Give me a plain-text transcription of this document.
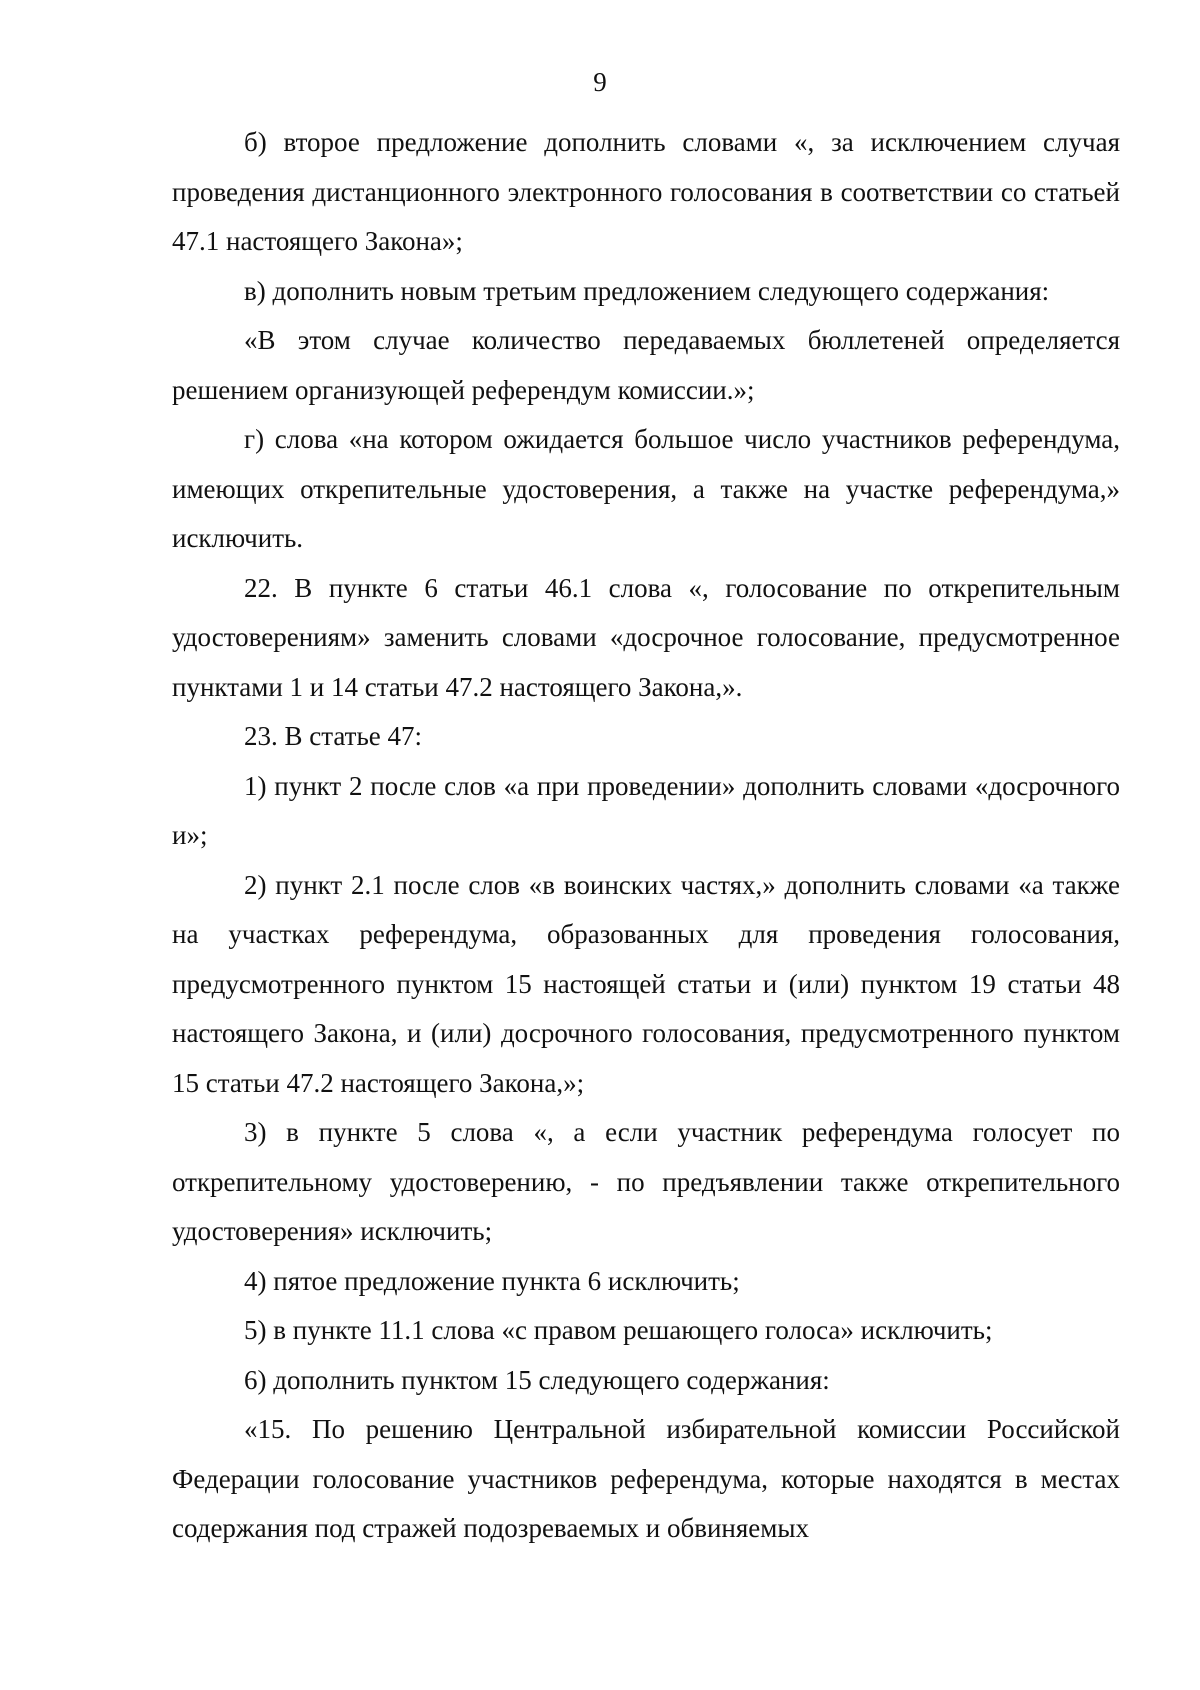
9

б) второе предложение дополнить словами «, за исключением случая проведения дистанционного электронного голосования в соответствии со статьей 47.1 настоящего Закона»;

в) дополнить новым третьим предложением следующего содержания:

«В этом случае количество передаваемых бюллетеней определяется решением организующей референдум комиссии.»;

г) слова «на котором ожидается большое число участников референдума, имеющих открепительные удостоверения, а также на участке референдума,» исключить.

22. В пункте 6 статьи 46.1 слова «, голосование по открепительным удостоверениям» заменить словами «досрочное голосование, предусмотренное пунктами 1 и 14 статьи 47.2 настоящего Закона,».

23. В статье 47:

1) пункт 2 после слов «а при проведении» дополнить словами «досрочного и»;

2) пункт 2.1 после слов «в воинских частях,» дополнить словами «а также на участках референдума, образованных для проведения голосования, предусмотренного пунктом 15 настоящей статьи и (или) пунктом 19 статьи 48 настоящего Закона, и (или) досрочного голосования, предусмотренного пунктом 15 статьи 47.2 настоящего Закона,»;

3) в пункте 5 слова «, а если участник референдума голосует по открепительному удостоверению, - по предъявлении также открепительного удостоверения» исключить;

4) пятое предложение пункта 6 исключить;

5) в пункте 11.1 слова «с правом решающего голоса» исключить;

6) дополнить пунктом 15 следующего содержания:

«15. По решению Центральной избирательной комиссии Российской Федерации голосование участников референдума, которые находятся в местах содержания под стражей подозреваемых и обвиняемых
